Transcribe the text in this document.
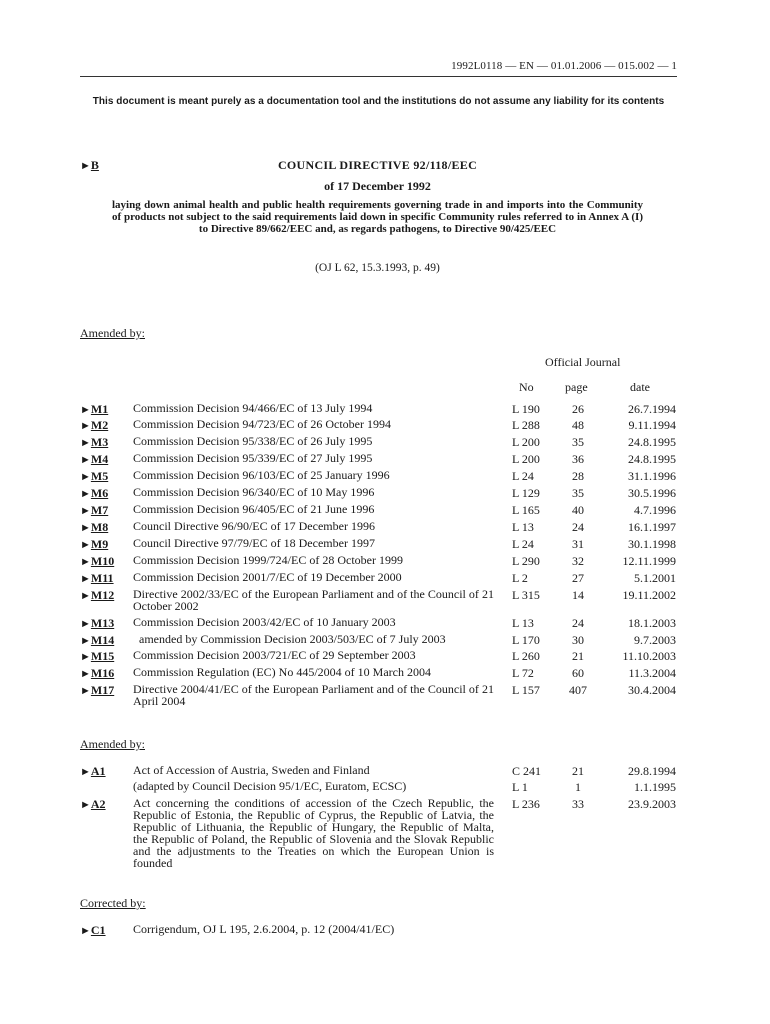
1992L0118 — EN — 01.01.2006 — 015.002 — 1
This document is meant purely as a documentation tool and the institutions do not assume any liability for its contents
►B	COUNCIL DIRECTIVE 92/118/EEC
of 17 December 1992
laying down animal health and public health requirements governing trade in and imports into the Community of products not subject to the said requirements laid down in specific Community rules referred to in Annex A (I) to Directive 89/662/EEC and, as regards pathogens, to Directive 90/425/EEC
(OJ L 62, 15.3.1993, p. 49)
Amended by:
Official Journal
No	page	date
►M1 Commission Decision 94/466/EC of 13 July 1994	L 190	26	26.7.1994
►M2 Commission Decision 94/723/EC of 26 October 1994	L 288	48	9.11.1994
►M3 Commission Decision 95/338/EC of 26 July 1995	L 200	35	24.8.1995
►M4 Commission Decision 95/339/EC of 27 July 1995	L 200	36	24.8.1995
►M5 Commission Decision 96/103/EC of 25 January 1996	L 24	28	31.1.1996
►M6 Commission Decision 96/340/EC of 10 May 1996	L 129	35	30.5.1996
►M7 Commission Decision 96/405/EC of 21 June 1996	L 165	40	4.7.1996
►M8 Council Directive 96/90/EC of 17 December 1996	L 13	24	16.1.1997
►M9 Council Directive 97/79/EC of 18 December 1997	L 24	31	30.1.1998
►M10 Commission Decision 1999/724/EC of 28 October 1999	L 290	32	12.11.1999
►M11 Commission Decision 2001/7/EC of 19 December 2000	L 2	27	5.1.2001
►M12 Directive 2002/33/EC of the European Parliament and of the Council of 21 October 2002
L 315	14	19.11.2002
►M13 Commission Decision 2003/42/EC of 10 January 2003	L 13	24	18.1.2003
►M14	amended by Commission Decision 2003/503/EC of 7 July 2003	L 170	30	9.7.2003
►M15 Commission Decision 2003/721/EC of 29 September 2003	L 260	21	11.10.2003
►M16 Commission Regulation (EC) No 445/2004 of 10 March 2004	L 72	60	11.3.2004
►M17 Directive 2004/41/EC of the European Parliament and of the Council of 21 April 2004
L 157	407	30.4.2004
Amended by:
►A1 Act of Accession of Austria, Sweden and Finland	C 241	21	29.8.1994
(adapted by Council Decision 95/1/EC, Euratom, ECSC)	L 1	1	1.1.1995
►A2 Act concerning the conditions of accession of the Czech Republic, the Republic of Estonia, the Republic of Cyprus, the Republic of Latvia, the Republic of Lithuania, the Republic of Hungary, the Republic of Malta, the Republic of Poland, the Republic of Slovenia and the Slovak Republic and the adjustments to the Treaties on which the European Union is founded
L 236	33	23.9.2003
Corrected by:
►C1 Corrigendum, OJ L 195, 2.6.2004, p. 12 (2004/41/EC)
